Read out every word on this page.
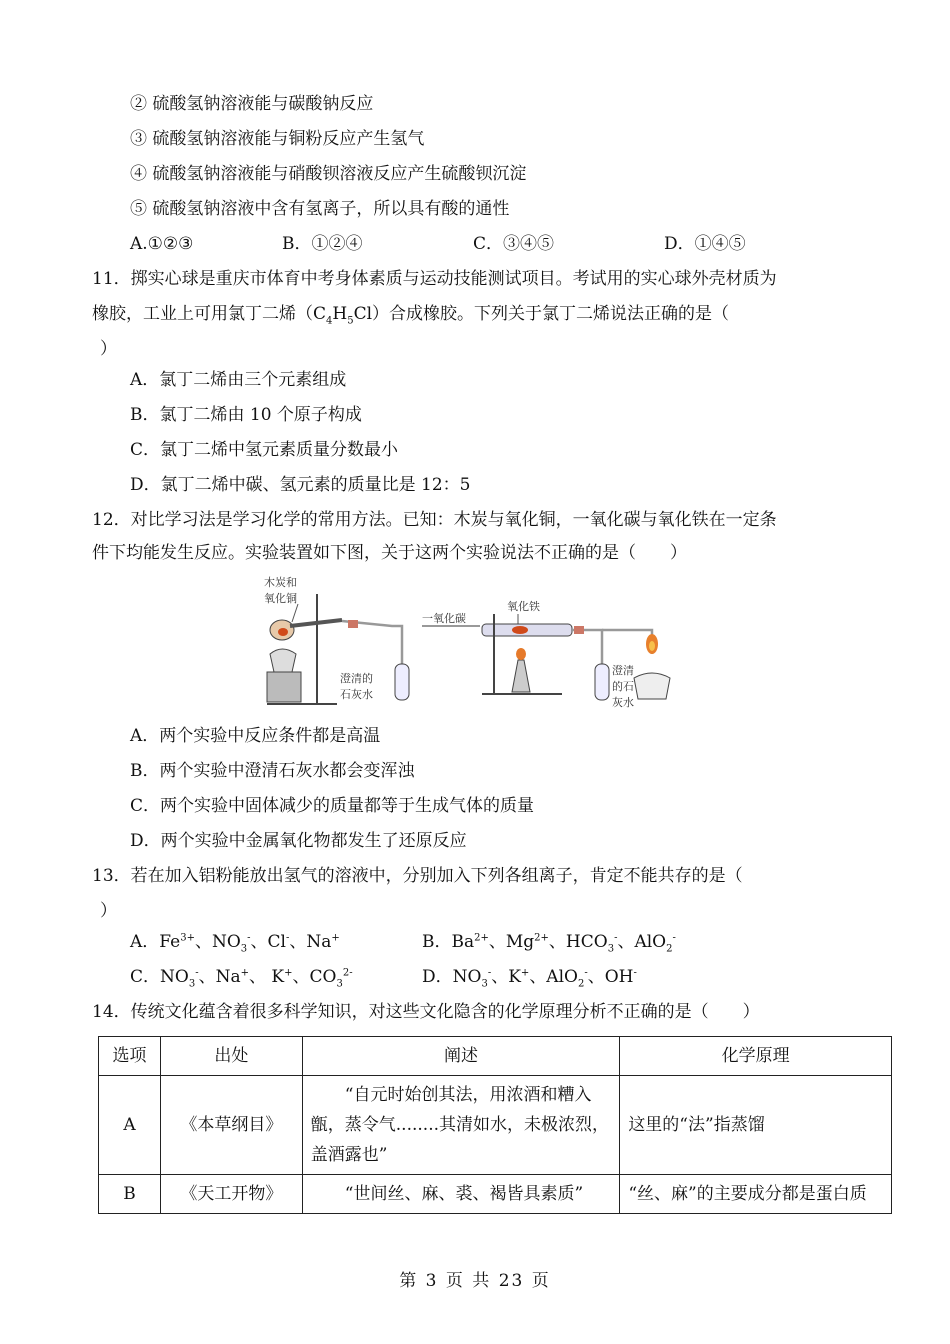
② 硫酸氢钠溶液能与碳酸钠反应
③ 硫酸氢钠溶液能与铜粉反应产生氢气
④ 硫酸氢钠溶液能与硝酸钡溶液反应产生硫酸钡沉淀
⑤ 硫酸氢钠溶液中含有氢离子，所以具有酸的通性
A.①②③	B．①②④	C．③④⑤	D．①④⑤
11．掷实心球是重庆市体育中考身体素质与运动技能测试项目。考试用的实心球外壳材质为
橡胶，工业上可用氯丁二烯$(C_4H_5Cl)$合成橡胶。下列关于氯丁二烯说法正确的是（
）
A．氯丁二烯由三个元素组成
B．氯丁二烯由 10 个原子构成
C．氯丁二烯中氢元素质量分数最小
D．氯丁二烯中碳、氢元素的质量比是 12：5
12．对比学习法是学习化学的常用方法。已知：木炭与氧化铜，一氧化碳与氧化铁在一定条
件下均能发生反应。实验装置如下图，关于这两个实验说法不正确的是（　　）
木炭和
氧化铜
澄清的
石灰水
一氧化碳
氧化铁
澄清
的石
灰水
A．两个实验中反应条件都是高温
B．两个实验中澄清石灰水都会变浑浊
C．两个实验中固体减少的质量都等于生成气体的质量
D．两个实验中金属氧化物都发生了还原反应
13．若在加入铝粉能放出氢气的溶液中，分别加入下列各组离子，肯定不能共存的是（
）
A．$Fe^{3+}$、$NO_3^-$、Cl-、Na+	B．$Ba^{2+}$、$Mg^{2+}$、$HCO_3^-$、AlO$_2$-
C．$NO_3^-$、Na+、 K+、$CO_3^{2-}$	D．$NO_3^-$、K+、AlO$_2$-、OH-
14．传统文化蕴含着很多科学知识，对这些文化隐含的化学原理分析不正确的是（　　）
选项	出处	阐述	化学原理
A	《本草纲目》	“自元时始创其法，用浓酒和糟入甑，蒸令气........其清如水，未极浓烈，盖酒露也”	这里的“法”指蒸馏
B	《天工开物》	“世间丝、麻、裘、褐皆具素质”	“丝、麻”的主要成分都是蛋白质
第 3 页 共 23 页
